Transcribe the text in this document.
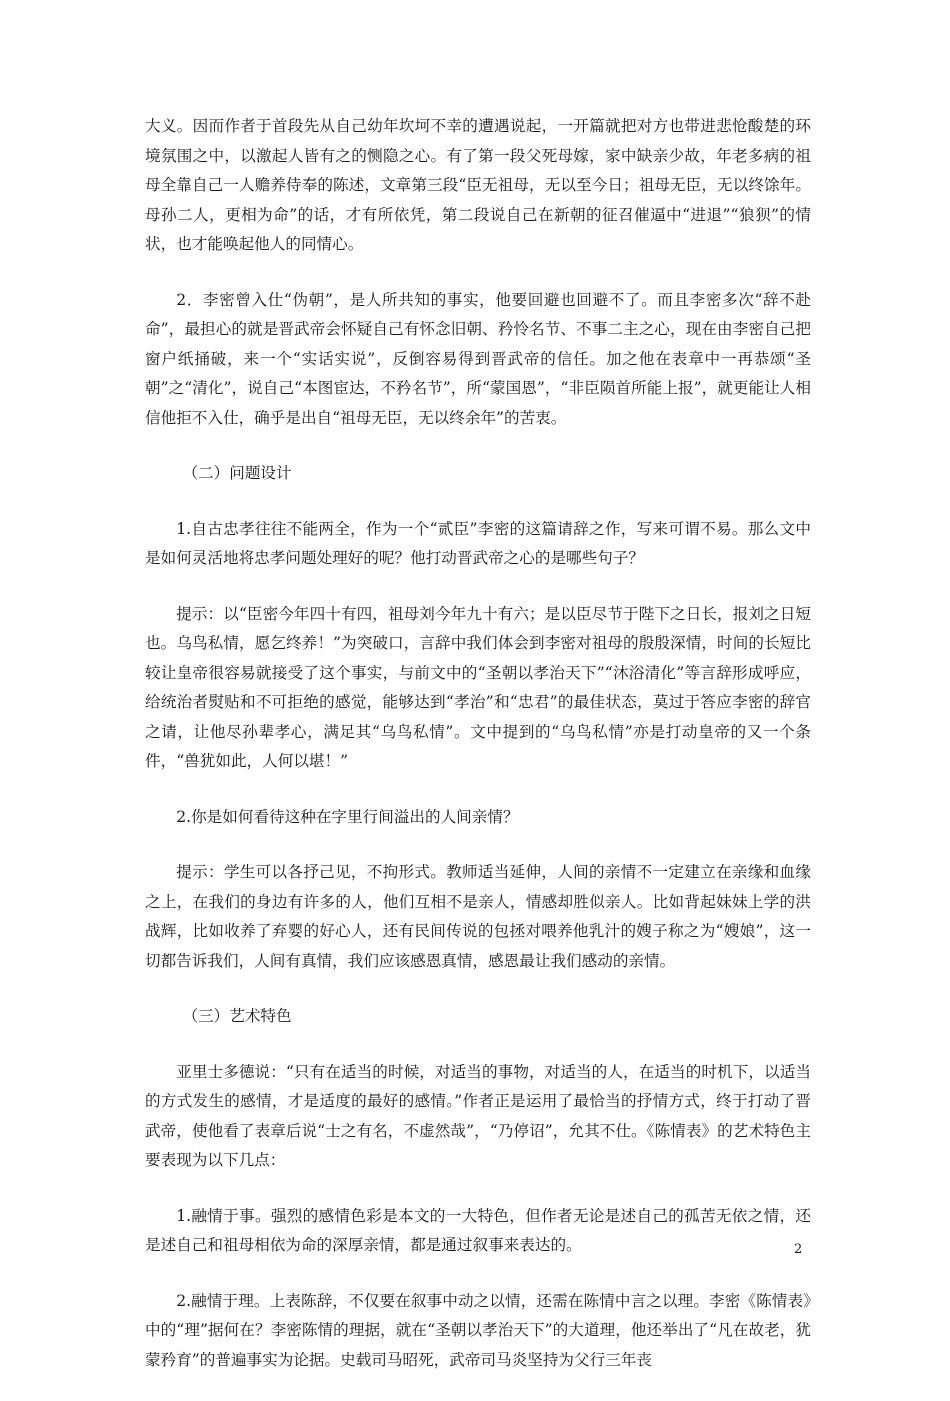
大义。因而作者于首段先从自己幼年坎坷不幸的遭遇说起，一开篇就把对方也带进悲怆酸楚的环境氛围之中，以激起人皆有之的恻隐之心。有了第一段父死母嫁，家中缺亲少故，年老多病的祖母全靠自己一人赡养侍奉的陈述，文章第三段“臣无祖母，无以至今日；祖母无臣，无以终馀年。母孙二人，更相为命”的话，才有所依凭，第二段说自己在新朝的征召催逼中“进退”“狼狈”的情状，也才能唤起他人的同情心。

2．李密曾入仕“伪朝”，是人所共知的事实，他要回避也回避不了。而且李密多次“辞不赴命”，最担心的就是晋武帝会怀疑自己有怀念旧朝、矜怜名节、不事二主之心，现在由李密自己把窗户纸捅破，来一个“实话实说”，反倒容易得到晋武帝的信任。加之他在表章中一再恭颂“圣朝”之“清化”，说自己“本图宦达，不矜名节”，所“蒙国恩”，“非臣陨首所能上报”，就更能让人相信他拒不入仕，确乎是出自“祖母无臣，无以终余年”的苦衷。

（二）问题设计

1.自古忠孝往往不能两全，作为一个“贰臣”李密的这篇请辞之作，写来可谓不易。那么文中是如何灵活地将忠孝问题处理好的呢？他打动晋武帝之心的是哪些句子？

提示：以“臣密今年四十有四，祖母刘今年九十有六；是以臣尽节于陛下之日长，报刘之日短也。乌鸟私情，愿乞终养！”为突破口，言辞中我们体会到李密对祖母的殷殷深情，时间的长短比较让皇帝很容易就接受了这个事实，与前文中的“圣朝以孝治天下”“沐浴清化”等言辞形成呼应，给统治者熨贴和不可拒绝的感觉，能够达到“孝治”和“忠君”的最佳状态，莫过于答应李密的辞官之请，让他尽孙辈孝心，满足其“乌鸟私情”。文中提到的“乌鸟私情”亦是打动皇帝的又一个条件，“兽犹如此，人何以堪！”

2.你是如何看待这种在字里行间溢出的人间亲情？

提示：学生可以各抒己见，不拘形式。教师适当延伸，人间的亲情不一定建立在亲缘和血缘之上，在我们的身边有许多的人，他们互相不是亲人，情感却胜似亲人。比如背起妹妹上学的洪战辉，比如收养了弃婴的好心人，还有民间传说的包拯对喂养他乳汁的嫂子称之为“嫂娘”，这一切都告诉我们，人间有真情，我们应该感恩真情，感恩最让我们感动的亲情。

（三）艺术特色

亚里士多德说：“只有在适当的时候，对适当的事物，对适当的人，在适当的时机下，以适当的方式发生的感情，才是适度的最好的感情。”作者正是运用了最恰当的抒情方式，终于打动了晋武帝，使他看了表章后说“士之有名，不虚然哉”，“乃停诏”，允其不仕。《陈情表》的艺术特色主要表现为以下几点：

1.融情于事。强烈的感情色彩是本文的一大特色，但作者无论是述自己的孤苦无依之情，还是述自己和祖母相依为命的深厚亲情，都是通过叙事来表达的。

2.融情于理。上表陈辞，不仅要在叙事中动之以情，还需在陈情中言之以理。李密《陈情表》中的“理”据何在？李密陈情的理据，就在“圣朝以孝治天下”的大道理，他还举出了“凡在故老，犹蒙矜育”的普遍事实为论据。史载司马昭死，武帝司马炎坚持为父行三年丧

2
